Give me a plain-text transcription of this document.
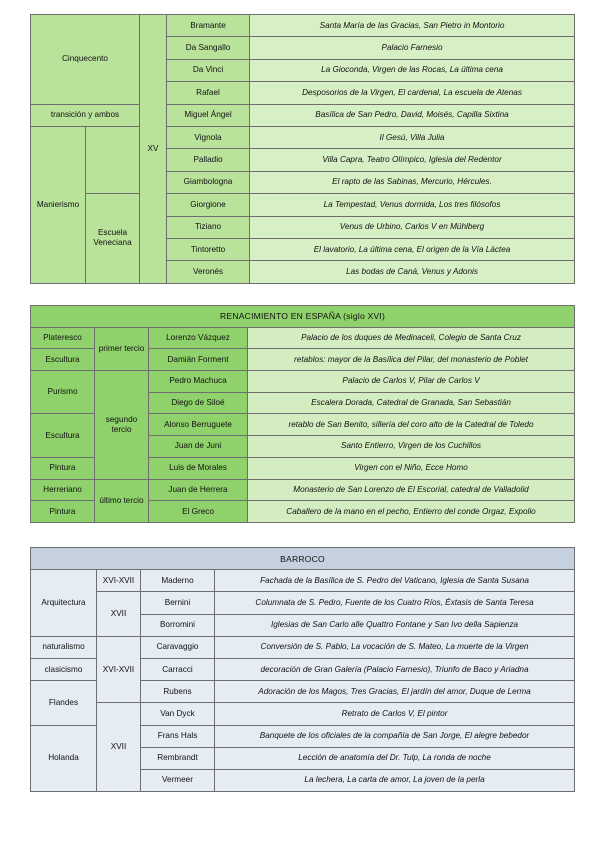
Cinquecento		XV	Bramante	Santa María de las Gracias, San Pietro in Montorio
			Da Sangallo	Palacio Farnesio
			Da Vinci	La Gioconda, Virgen de las Rocas, La última cena
			Rafael	Desposorios de la Virgen, El cardenal, La escuela de Atenas
transición y ambos			Miguel Ángel	Basílica de San Pedro, David, Moisés, Capilla Sixtina
Manierismo			Vignola	Il Gesú, Villa Julia
			Palladio	Villa Capra, Teatro Olímpico, Iglesia del Redentor
			Giambologna	El rapto de las Sabinas, Mercurio, Hércules.
	Escuela Veneciana		Giorgione	La Tempestad, Venus dormida, Los tres filósofos
			Tiziano	Venus de Urbino, Carlos V en Mühlberg
			Tintoretto	El lavatorio, La última cena, El origen de la Vía Láctea
			Veronés	Las bodas de Caná, Venus y Adonis
RENACIMIENTO EN ESPAÑA (siglo XVI)			
Plateresco	primer tercio	Lorenzo Vázquez	Palacio de los duques de Medinaceli, Colegio de Santa Cruz
Escultura		Damián Forment	retablos: mayor de la Basílica del Pilar, del monasterio de Poblet
Purismo	segundo tercio	Pedro Machuca	Palacio de Carlos V, Pilar de Carlos V
		Diego de Siloé	Escalera Dorada, Catedral de Granada, San Sebastián
Escultura		Alonso Berruguete	retablo de San Benito, sillería del coro alto de la Catedral de Toledo
		Juan de Juni	Santo Entierro, Virgen de los Cuchillos
Pintura		Luis de Morales	Virgen con el Niño, Ecce Homo
Herreriano	último tercio	Juan de Herrera	Monasterio de San Lorenzo de El Escorial, catedral de Valladolid
Pintura		El Greco	Caballero de la mano en el pecho, Entierro del conde Orgaz, Expolio
BARROCO			
Arquitectura	XVI-XVII	Maderno	Fachada de la Basílica de S. Pedro del Vaticano, Iglesia de Santa Susana
	XVII	Bernini	Columnata de S. Pedro, Fuente de los Cuatro Ríos, Éxtasis de Santa Teresa
		Borromini	Iglesias de San Carlo alle Quattro Fontane y San Ivo della Sapienza
naturalismo	XVI-XVII	Caravaggio	Conversión de S. Pablo, La vocación de S. Mateo, La muerte de la Virgen
clasicismo		Carracci	decoración de Gran Galería (Palacio Farnesio), Triunfo de Baco y Ariadna
Flandes		Rubens	Adoración de los Magos, Tres Gracias, El jardín del amor, Duque de Lerma
	XVII	Van Dyck	Retrato de Carlos V, El pintor
Holanda		Frans Hals	Banquete de los oficiales de la compañía de San Jorge, El alegre bebedor
		Rembrandt	Lección de anatomía del Dr. Tulp, La ronda de noche
		Vermeer	La lechera, La carta de amor, La joven de la perla
